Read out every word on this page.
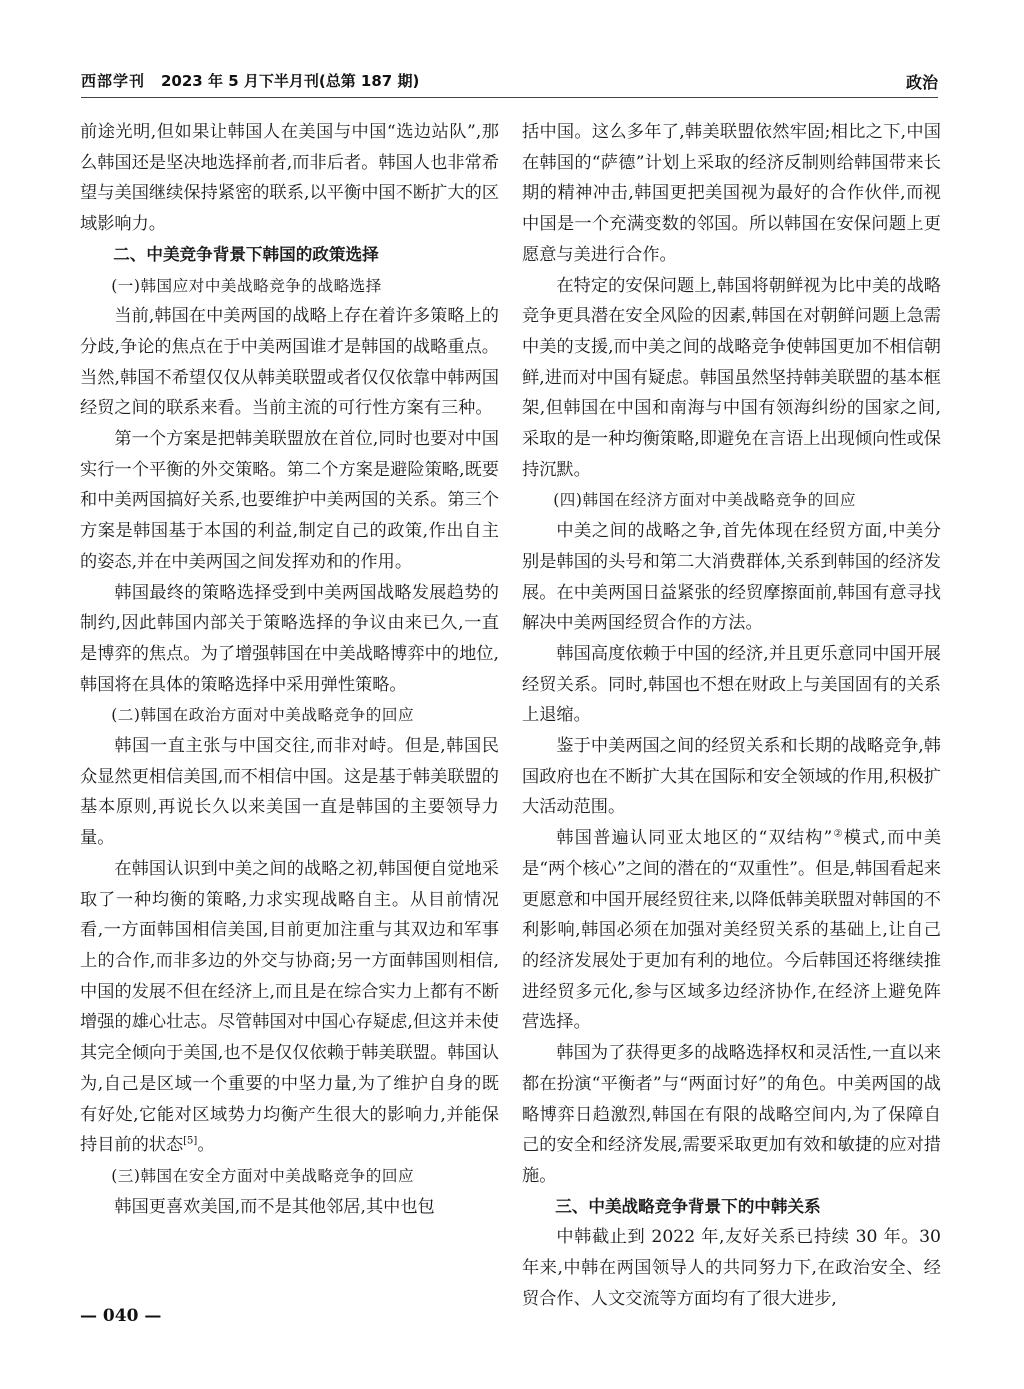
西部学刊 2023 年 5 月下半月刊(总第 187 期)	政治

前途光明,但如果让韩国人在美国与中国“选边站队”,那么韩国还是坚决地选择前者,而非后者。韩国人也非常希望与美国继续保持紧密的联系,以平衡中国不断扩大的区域影响力。

二、中美竞争背景下韩国的政策选择

(一)韩国应对中美战略竞争的战略选择

当前,韩国在中美两国的战略上存在着许多策略上的分歧,争论的焦点在于中美两国谁才是韩国的战略重点。当然,韩国不希望仅仅从韩美联盟或者仅仅依靠中韩两国经贸之间的联系来看。当前主流的可行性方案有三种。

第一个方案是把韩美联盟放在首位,同时也要对中国实行一个平衡的外交策略。第二个方案是避险策略,既要和中美两国搞好关系,也要维护中美两国的关系。第三个方案是韩国基于本国的利益,制定自己的政策,作出自主的姿态,并在中美两国之间发挥劝和的作用。

韩国最终的策略选择受到中美两国战略发展趋势的制约,因此韩国内部关于策略选择的争议由来已久,一直是博弈的焦点。为了增强韩国在中美战略博弈中的地位,韩国将在具体的策略选择中采用弹性策略。

(二)韩国在政治方面对中美战略竞争的回应

韩国一直主张与中国交往,而非对峙。但是,韩国民众显然更相信美国,而不相信中国。这是基于韩美联盟的基本原则,再说长久以来美国一直是韩国的主要领导力量。

在韩国认识到中美之间的战略之初,韩国便自觉地采取了一种均衡的策略,力求实现战略自主。从目前情况看,一方面韩国相信美国,目前更加注重与其双边和军事上的合作,而非多边的外交与协商;另一方面韩国则相信,中国的发展不但在经济上,而且是在综合实力上都有不断增强的雄心壮志。尽管韩国对中国心存疑虑,但这并未使其完全倾向于美国,也不是仅仅依赖于韩美联盟。韩国认为,自己是区域一个重要的中坚力量,为了维护自身的既有好处,它能对区域势力均衡产生很大的影响力,并能保持目前的状态[5]。

(三)韩国在安全方面对中美战略竞争的回应

韩国更喜欢美国,而不是其他邻居,其中也包

括中国。这么多年了,韩美联盟依然牢固;相比之下,中国在韩国的“萨德”计划上采取的经济反制则给韩国带来长期的精神冲击,韩国更把美国视为最好的合作伙伴,而视中国是一个充满变数的邻国。所以韩国在安保问题上更愿意与美进行合作。

在特定的安保问题上,韩国将朝鲜视为比中美的战略竞争更具潜在安全风险的因素,韩国在对朝鲜问题上急需中美的支援,而中美之间的战略竞争使韩国更加不相信朝鲜,进而对中国有疑虑。韩国虽然坚持韩美联盟的基本框架,但韩国在中国和南海与中国有领海纠纷的国家之间,采取的是一种均衡策略,即避免在言语上出现倾向性或保持沉默。

(四)韩国在经济方面对中美战略竞争的回应

中美之间的战略之争,首先体现在经贸方面,中美分别是韩国的头号和第二大消费群体,关系到韩国的经济发展。在中美两国日益紧张的经贸摩擦面前,韩国有意寻找解决中美两国经贸合作的方法。

韩国高度依赖于中国的经济,并且更乐意同中国开展经贸关系。同时,韩国也不想在财政上与美国固有的关系上退缩。

鉴于中美两国之间的经贸关系和长期的战略竞争,韩国政府也在不断扩大其在国际和安全领域的作用,积极扩大活动范围。

韩国普遍认同亚太地区的“双结构”②模式,而中美是“两个核心”之间的潜在的“双重性”。但是,韩国看起来更愿意和中国开展经贸往来,以降低韩美联盟对韩国的不利影响,韩国必须在加强对美经贸关系的基础上,让自己的经济发展处于更加有利的地位。今后韩国还将继续推进经贸多元化,参与区域多边经济协作,在经济上避免阵营选择。

韩国为了获得更多的战略选择权和灵活性,一直以来都在扮演“平衡者”与“两面讨好”的角色。中美两国的战略博弈日趋激烈,韩国在有限的战略空间内,为了保障自己的安全和经济发展,需要采取更加有效和敏捷的应对措施。

三、中美战略竞争背景下的中韩关系

中韩截止到 2022 年,友好关系已持续 30 年。30 年来,中韩在两国领导人的共同努力下,在政治安全、经贸合作、人文交流等方面均有了很大进步,

— 040 —
